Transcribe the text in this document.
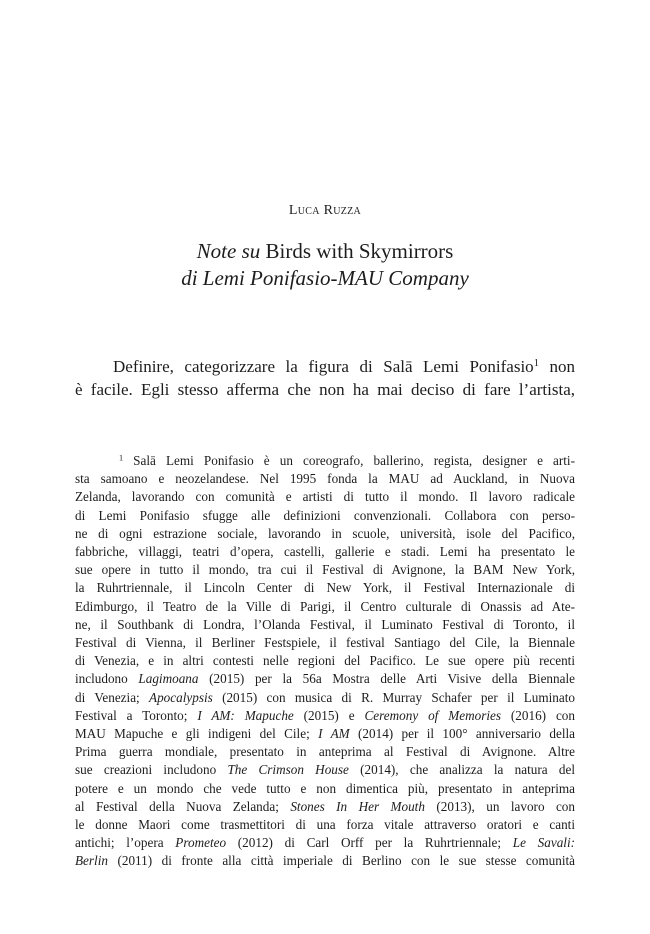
Luca Ruzza
Note su Birds with Skymirrors
di Lemi Ponifasio-MAU Company
Definire, categorizzare la figura di Salā Lemi Ponifasio$^1$ non
è facile. Egli stesso afferma che non ha mai deciso di fare l’artista,
$^1$ Salā Lemi Ponifasio è un coreografo, ballerino, regista, designer e arti-
sta samoano e neozelandese. Nel 1995 fonda la MAU ad Auckland, in Nuova
Zelanda, lavorando con comunità e artisti di tutto il mondo. Il lavoro radicale
di Lemi Ponifasio sfugge alle definizioni convenzionali. Collabora con perso-
ne di ogni estrazione sociale, lavorando in scuole, università, isole del Pacifico,
fabbriche, villaggi, teatri d’opera, castelli, gallerie e stadi. Lemi ha presentato le
sue opere in tutto il mondo, tra cui il Festival di Avignone, la BAM New York,
la Ruhrtriennale, il Lincoln Center di New York, il Festival Internazionale di
Edimburgo, il Teatro de la Ville di Parigi, il Centro culturale di Onassis ad Ate-
ne, il Southbank di Londra, l’Olanda Festival, il Luminato Festival di Toronto, il
Festival di Vienna, il Berliner Festspiele, il festival Santiago del Cile, la Biennale
di Venezia, e in altri contesti nelle regioni del Pacifico. Le sue opere più recenti
includono Lagimoana (2015) per la 56a Mostra delle Arti Visive della Biennale
di Venezia; Apocalypsis (2015) con musica di R. Murray Schafer per il Luminato
Festival a Toronto; I AM: Mapuche (2015) e Ceremony of Memories (2016) con
MAU Mapuche e gli indigeni del Cile; I AM (2014) per il 100° anniversario della
Prima guerra mondiale, presentato in anteprima al Festival di Avignone. Altre
sue creazioni includono The Crimson House (2014), che analizza la natura del
potere e un mondo che vede tutto e non dimentica più, presentato in anteprima
al Festival della Nuova Zelanda; Stones In Her Mouth (2013), un lavoro con
le donne Maori come trasmettitori di una forza vitale attraverso oratori e canti
antichi; l’opera Prometeo (2012) di Carl Orff per la Ruhrtriennale; Le Savali:
Berlin (2011) di fronte alla città imperiale di Berlino con le sue stesse comunità
